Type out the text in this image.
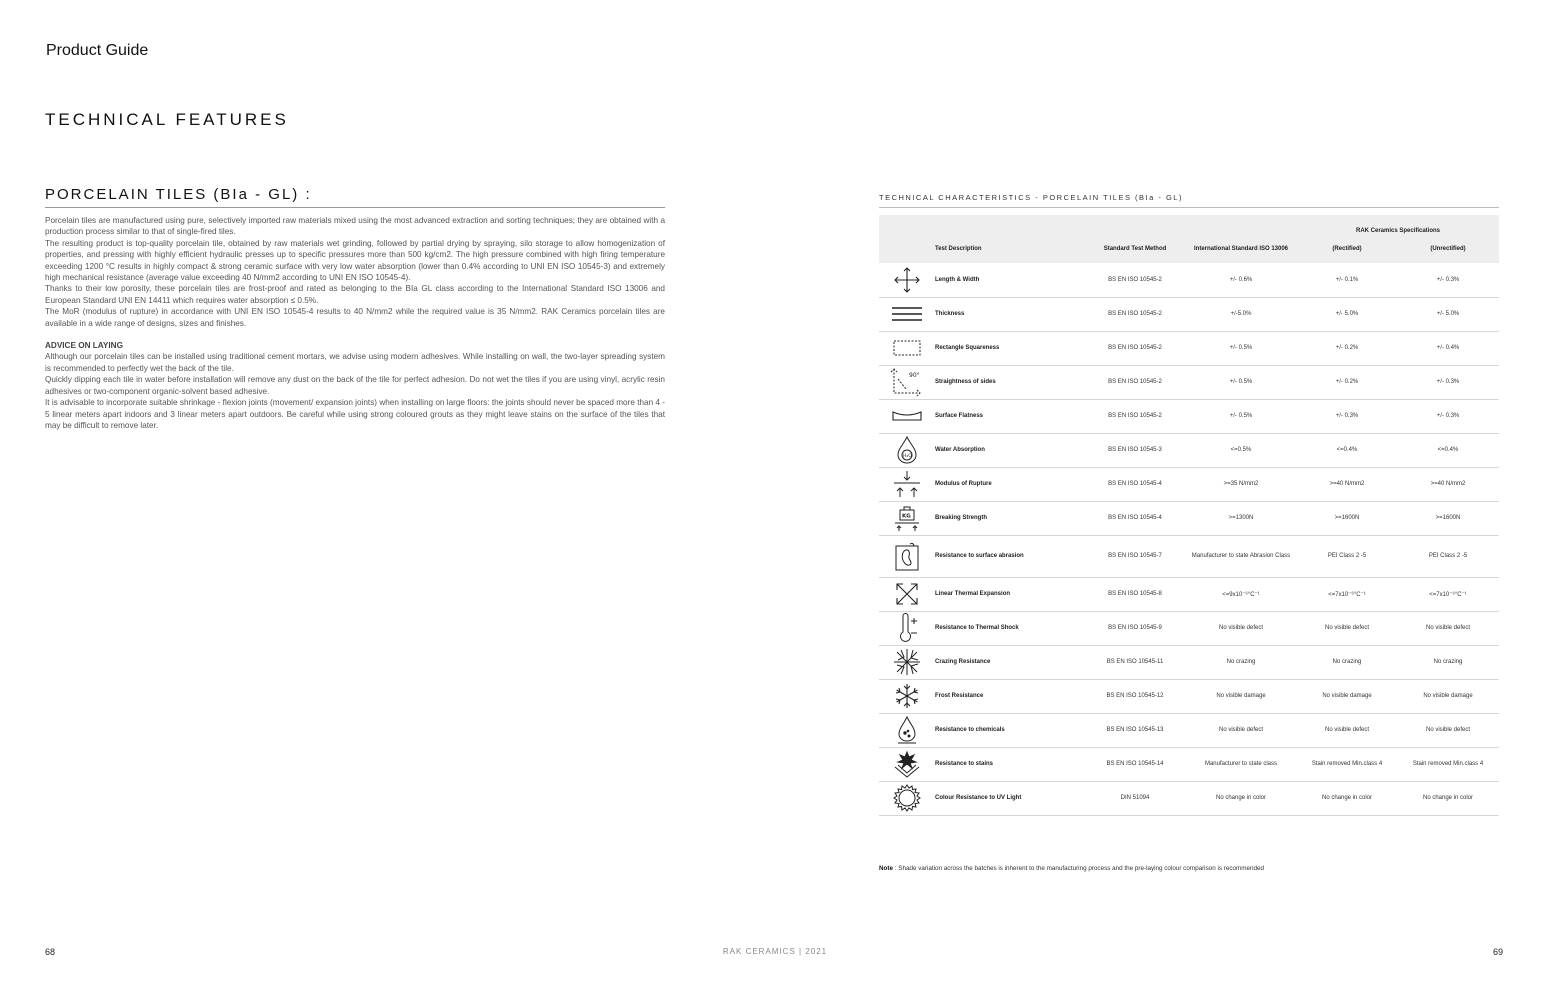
Product Guide
TECHNICAL FEATURES
PORCELAIN TILES (BIa - GL) :

Porcelain tiles are manufactured using pure, selectively imported raw materials mixed using the most advanced extraction and sorting techniques; they are obtained with a production process similar to that of single-fired tiles.

The resulting product is top-quality porcelain tile, obtained by raw materials wet grinding, followed by partial drying by spraying, silo storage to allow homogenization of properties, and pressing with highly efficient hydraulic presses up to specific pressures more than 500 kg/cm2. The high pressure combined with high firing temperature exceeding 1200 °C results in highly compact & strong ceramic surface with very low water absorption (lower than 0.4% according to UNI EN ISO 10545-3) and extremely high mechanical resistance (average value exceeding 40 N/mm2 according to UNI EN ISO 10545-4).

Thanks to their low porosity, these porcelain tiles are frost-proof and rated as belonging to the BIa GL class according to the International Standard ISO 13006 and European Standard UNI EN 14411 which requires water absorption ≤ 0.5%.

The MoR (modulus of rupture) in accordance with UNI EN ISO 10545-4 results to 40 N/mm2 while the required value is 35 N/mm2. RAK Ceramics porcelain tiles are available in a wide range of designs, sizes and finishes.

ADVICE ON LAYING

Although our porcelain tiles can be installed using traditional cement mortars, we advise using modern adhesives. While installing on wall, the two-layer spreading system is recommended to perfectly wet the back of the tile.

Quickly dipping each tile in water before installation will remove any dust on the back of the tile for perfect adhesion. Do not wet the tiles if you are using vinyl, acrylic resin adhesives or two-component organic-solvent based adhesive.

It is advisable to incorporate suitable shrinkage - flexion joints (movement/ expansion joints) when installing on large floors: the joints should never be spaced more than 4 - 5 linear meters apart indoors and 3 linear meters apart outdoors. Be careful while using strong coloured grouts as they might leave stains on the surface of the tiles that may be difficult to remove later.

TECHNICAL CHARACTERISTICS - PORCELAIN TILES (BIa - GL)
				RAK Ceramics Specifications	
	Test Description	Standard Test Method	International Standard ISO 13006	(Rectified)	(Unrectified)
	Length & Width	BS EN ISO 10545-2	+/- 0.6%	+/- 0.1%	+/- 0.3%
	Thickness	BS EN ISO 10545-2	+/-5.0%	+/- 5.0%	+/- 5.0%
	Rectangle Squareness	BS EN ISO 10545-2	+/- 0.5%	+/- 0.2%	+/- 0.4%

90°	Straightness of sides	BS EN ISO 10545-2	+/- 0.5%	+/- 0.2%	+/- 0.3%
	Surface Flatness	BS EN ISO 10545-2	+/- 0.5%	+/- 0.3%	+/- 0.3%

H₂O	Water Absorption	BS EN ISO 10545-3	<=0.5%	<=0.4%	<=0.4%
	Modulus of Rupture	BS EN ISO 10545-4	>=35 N/mm2	>=40 N/mm2	>=40 N/mm2

KG	Breaking Strength	BS EN ISO 10545-4	>=1300N	>=1600N	>=1600N
	Resistance to surface abrasion	BS EN ISO 10545-7	Manufacturer to state Abrasion Class	PEI Class 2 -5	PEI Class 2 -5
	Linear Thermal Expansion	BS EN ISO 10545-8	<=9x10⁻⁶°C⁻¹	<=7x10⁻⁶°C⁻¹	<=7x10⁻⁶°C⁻¹
	Resistance to Thermal Shock	BS EN ISO 10545-9	No visible defect	No visible defect	No visible defect
	Crazing Resistance	BS EN ISO 10545-11	No crazing	No crazing	No crazing
	Frost Resistance	BS EN ISO 10545-12	No visible damage	No visible damage	No visible damage
	Resistance to chemicals	BS EN ISO 10545-13	No visible defect	No visible defect	No visible defect
	Resistance to stains	BS EN ISO 10545-14	Manufacturer to state class	Stain removed Min.class 4	Stain removed Min.class 4
	Colour Resistance to UV Light	DIN 51094	No change in color	No change in color	No change in color
Note : Shade variation across the batches is inherent to the manufacturing process and the pre-laying colour comparison is recommended
68	RAK CERAMICS | 2021	69
